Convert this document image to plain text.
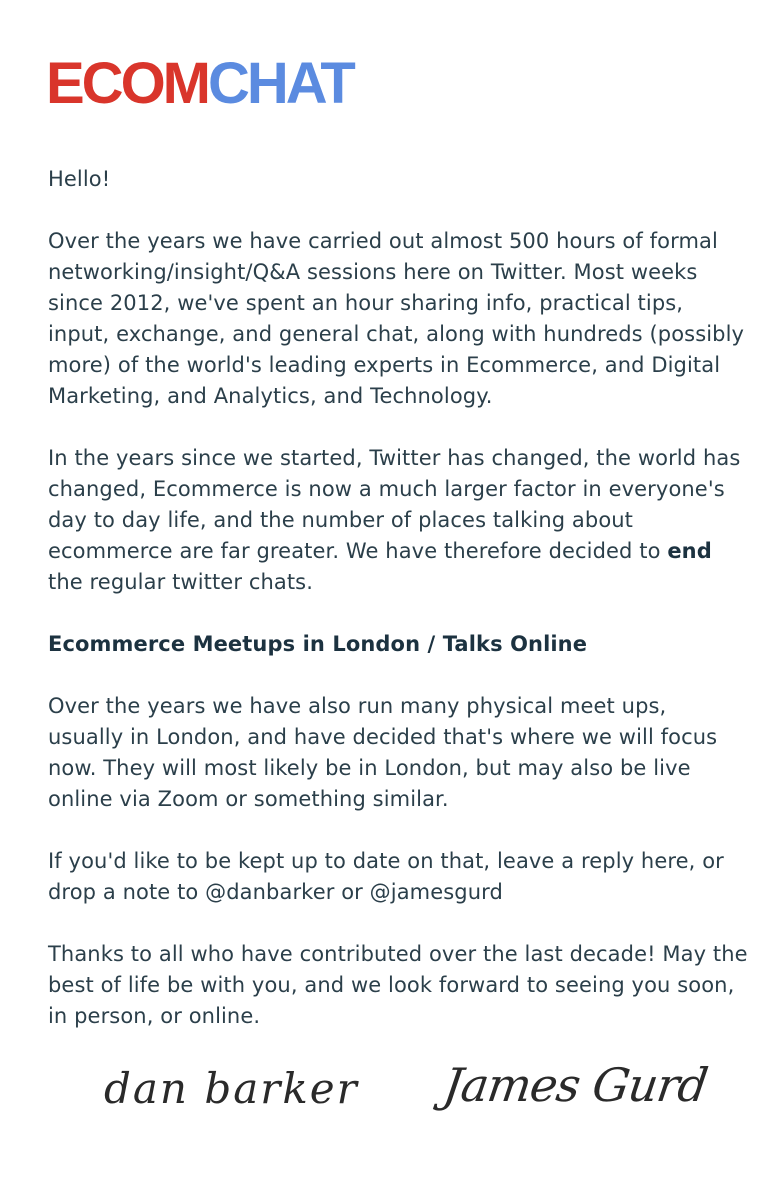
ECOMCHAT

Hello!

Over the years we have carried out almost 500 hours of formal networking/insight/Q&A sessions here on Twitter. Most weeks since 2012, we've spent an hour sharing info, practical tips, input, exchange, and general chat, along with hundreds (possibly more) of the world's leading experts in Ecommerce, and Digital Marketing, and Analytics, and Technology.

In the years since we started, Twitter has changed, the world has changed, Ecommerce is now a much larger factor in everyone's day to day life, and the number of places talking about ecommerce are far greater. We have therefore decided to end the regular twitter chats.

Ecommerce Meetups in London / Talks Online

Over the years we have also run many physical meet ups, usually in London, and have decided that's where we will focus now. They will most likely be in London, but may also be live online via Zoom or something similar.

If you'd like to be kept up to date on that, leave a reply here, or drop a note to @danbarker or @jamesgurd

Thanks to all who have contributed over the last decade! May the best of life be with you, and we look forward to seeing you soon, in person, or online.

dan barker James Gurd
